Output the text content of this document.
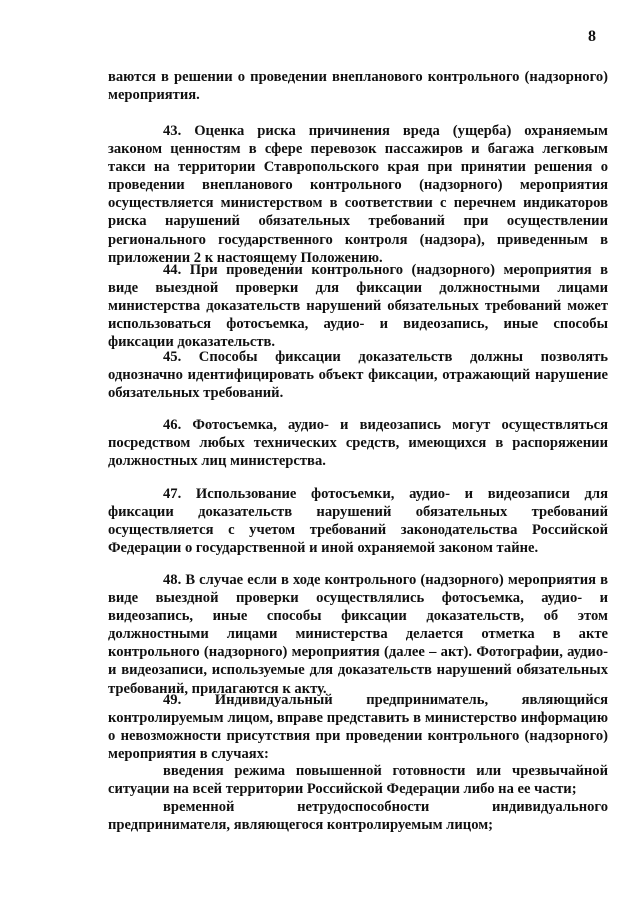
8

ваются в решении о проведении внепланового контрольного (надзорного) мероприятия.

43. Оценка риска причинения вреда (ущерба) охраняемым законом ценностям в сфере перевозок пассажиров и багажа легковым такси на территории Ставропольского края при принятии решения о проведении внепланового контрольного (надзорного) мероприятия осуществляется министерством в соответствии с перечнем индикаторов риска нарушений обязательных требований при осуществлении регионального государственного контроля (надзора), приведенным в приложении 2 к настоящему Положению.

44. При проведении контрольного (надзорного) мероприятия в виде выездной проверки для фиксации должностными лицами министерства доказательств нарушений обязательных требований может использоваться фотосъемка, аудио- и видеозапись, иные способы фиксации доказательств.

45. Способы фиксации доказательств должны позволять однозначно идентифицировать объект фиксации, отражающий нарушение обязательных требований.

46. Фотосъемка, аудио- и видеозапись могут осуществляться посредством любых технических средств, имеющихся в распоряжении должностных лиц министерства.

47. Использование фотосъемки, аудио- и видеозаписи для фиксации доказательств нарушений обязательных требований осуществляется с учетом требований законодательства Российской Федерации о государственной и иной охраняемой законом тайне.

48. В случае если в ходе контрольного (надзорного) мероприятия в виде выездной проверки осуществлялись фотосъемка, аудио- и видеозапись, иные способы фиксации доказательств, об этом должностными лицами министерства делается отметка в акте контрольного (надзорного) мероприятия (далее – акт). Фотографии, аудио- и видеозаписи, используемые для доказательств нарушений обязательных требований, прилагаются к акту.

49. Индивидуальный предприниматель, являющийся контролируемым лицом, вправе представить в министерство информацию о невозможности присутствия при проведении контрольного (надзорного) мероприятия в случаях:

введения режима повышенной готовности или чрезвычайной ситуации на всей территории Российской Федерации либо на ее части;

временной нетрудоспособности индивидуального предпринимателя, являющегося контролируемым лицом;
